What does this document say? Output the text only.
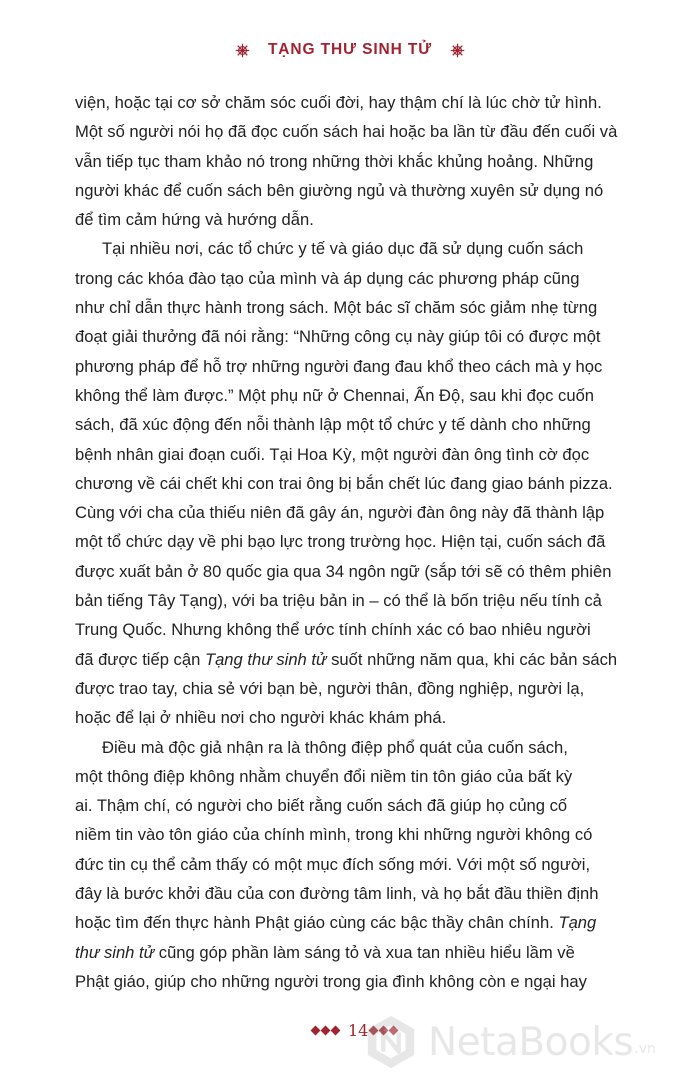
TẠNG THƯ SINH TỬ
viện, hoặc tại cơ sở chăm sóc cuối đời, hay thậm chí là lúc chờ tử hình.
Một số người nói họ đã đọc cuốn sách hai hoặc ba lần từ đầu đến cuối và
vẫn tiếp tục tham khảo nó trong những thời khắc khủng hoảng. Những
người khác để cuốn sách bên giường ngủ và thường xuyên sử dụng nó
để tìm cảm hứng và hướng dẫn.
Tại nhiều nơi, các tổ chức y tế và giáo dục đã sử dụng cuốn sách
trong các khóa đào tạo của mình và áp dụng các phương pháp cũng
như chỉ dẫn thực hành trong sách. Một bác sĩ chăm sóc giảm nhẹ từng
đoạt giải thưởng đã nói rằng: “Những công cụ này giúp tôi có được một
phương pháp để hỗ trợ những người đang đau khổ theo cách mà y học
không thể làm được.” Một phụ nữ ở Chennai, Ấn Độ, sau khi đọc cuốn
sách, đã xúc động đến nỗi thành lập một tổ chức y tế dành cho những
bệnh nhân giai đoạn cuối. Tại Hoa Kỳ, một người đàn ông tình cờ đọc
chương về cái chết khi con trai ông bị bắn chết lúc đang giao bánh pizza.
Cùng với cha của thiếu niên đã gây án, người đàn ông này đã thành lập
một tổ chức dạy về phi bạo lực trong trường học. Hiện tại, cuốn sách đã
được xuất bản ở 80 quốc gia qua 34 ngôn ngữ (sắp tới sẽ có thêm phiên
bản tiếng Tây Tạng), với ba triệu bản in – có thể là bốn triệu nếu tính cả
Trung Quốc. Nhưng không thể ước tính chính xác có bao nhiêu người
đã được tiếp cận Tạng thư sinh tử suốt những năm qua, khi các bản sách
được trao tay, chia sẻ với bạn bè, người thân, đồng nghiệp, người lạ,
hoặc để lại ở nhiều nơi cho người khác khám phá.
Điều mà độc giả nhận ra là thông điệp phổ quát của cuốn sách,
một thông điệp không nhằm chuyển đổi niềm tin tôn giáo của bất kỳ
ai. Thậm chí, có người cho biết rằng cuốn sách đã giúp họ củng cố
niềm tin vào tôn giáo của chính mình, trong khi những người không có
đức tin cụ thể cảm thấy có một mục đích sống mới. Với một số người,
đây là bước khởi đầu của con đường tâm linh, và họ bắt đầu thiền định
hoặc tìm đến thực hành Phật giáo cùng các bậc thầy chân chính. Tạng
thư sinh tử cũng góp phần làm sáng tỏ và xua tan nhiều hiểu lầm về
Phật giáo, giúp cho những người trong gia đình không còn e ngại hay
14 NetaBooks .vn
